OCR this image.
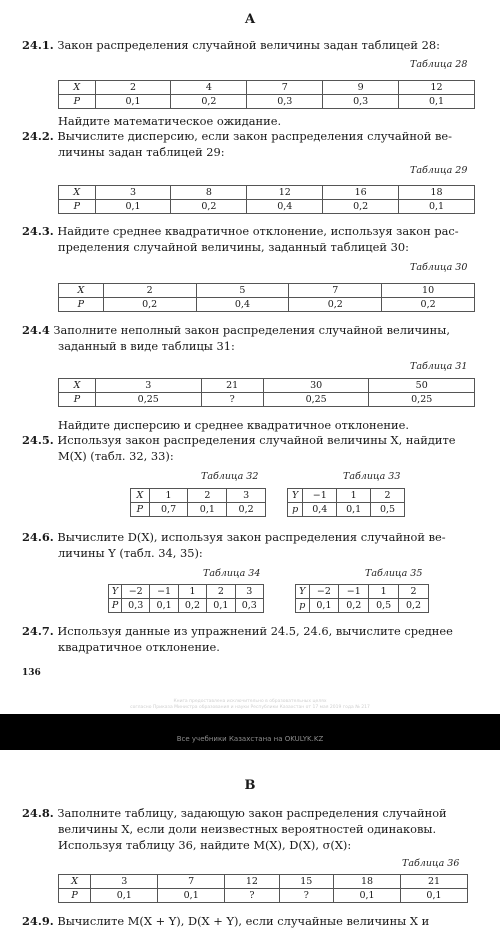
А
24.1. Закон распределения случайной величины задан таблицей 28:
Таблица 28
X	2	4	7	9	12
P	0,1	0,2	0,3	0,3	0,1
Найдите математическое ожидание.
24.2. Вычислите дисперсию, если закон распределения случайной ве-
личины задан таблицей 29:
Таблица 29
X	3	8	12	16	18
P	0,1	0,2	0,4	0,2	0,1
24.3. Найдите среднее квадратичное отклонение, используя закон рас-
пределения случайной величины, заданный таблицей 30:
Таблица 30
X	2	5	7	10
P	0,2	0,4	0,2	0,2
24.4 Заполните неполный закон распределения случайной величины,
заданный в виде таблицы 31:
Таблица 31
X	3	21	30	50
P	0,25	?	0,25	0,25
Найдите дисперсию и среднее квадратичное отклонение.
24.5. Используя закон распределения случайной величины X, найдите
M(X) (табл. 32, 33):
Таблица 32	Таблица 33
X	1	2	3
P	0,7	0,1	0,2
Y	−1	1	2
p	0,4	0,1	0,5
24.6. Вычислите D(X), используя закон распределения случайной ве-
личины Y (табл. 34, 35):
Таблица 34	Таблица 35
Y	−2	−1	1	2	3
P	0,3	0,1	0,2	0,1	0,3
Y	−2	−1	1	2
p	0,1	0,2	0,5	0,2
24.7. Используя данные из упражнений 24.5, 24.6, вычислите среднее
квадратичное отклонение.
136
Книга предоставлена исключительно в образовательных целях
согласно Приказа Министра образования и науки Республики Казахстан от 17 мая 2019 года № 217
Все учебники Казахстана на OKULYK.KZ
В
24.8. Заполните таблицу, задающую закон распределения случайной
величины X, если доли неизвестных вероятностей одинаковы.
Используя таблицу 36, найдите M(X), D(X), σ(X):
Таблица 36
X	3	7	12	15	18	21
P	0,1	0,1	?	?	0,1	0,1
24.9. Вычислите M(X + Y), D(X + Y), если случайные величины X и
